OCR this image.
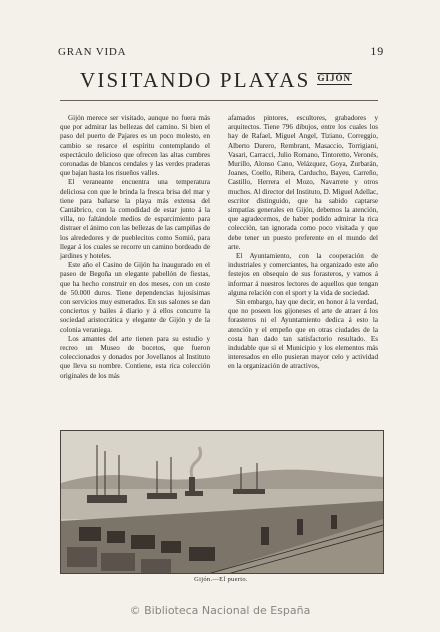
GRAN VIDA	19
VISITANDO PLAYAS GIJÓN

Gijón merece ser visitado, aunque no fuera más que por admirar las bellezas del camino. Si bien el paso del puerto de Pajares es un poco molesto, en cambio se resarce el espíritu contemplando el espectáculo delicioso que ofrecen las altas cumbres coronadas de blancos cendales y las verdes praderas que bajan hasta los risueños valles.

El veraneante encuentra una temperatura deliciosa con que le brinda la fresca brisa del mar y tiene para bañarse la playa más extensa del Cantábrico, con la comodidad de estar junto á la villa, no faltándole medios de esparcimiento para distraer el ánimo con las bellezas de las campiñas de los alrededores y de pueblecitos como Somió, para llegar á los cuales se recorre un camino bordeado de jardines y hoteles.

Este año el Casino de Gijón ha inaugurado en el paseo de Begoña un elegante pabellón de fiestas, que ha hecho construir en dos meses, con un coste de 50.000 duros. Tiene dependencias lujosísimas con servicios muy esmerados. En sus salones se dan conciertos y bailes á diario y á ellos concurre la sociedad aristocrática y elegante de Gijón y de la colonia veraniega.

Los amantes del arte tienen para su estudio y recreo un Museo de bocetos, que fueron coleccionados y donados por Jovellanos al Instituto que lleva su nombre. Contiene, esta rica colección originales de los más

afamados pintores, escultores, grabadores y arquitectos. Tiene 796 dibujos, entre los cuales los hay de Rafael, Miguel Angel, Tiziano, Correggio, Alberto Durero, Rembrant, Masaccio, Torrigiani, Vasari, Carracci, Julio Romano, Tintoretto, Veronés, Murillo, Alonso Cano, Velázquez, Goya, Zurbarán, Joanes, Coello, Ribera, Carducho, Bayeu, Carreño, Castillo, Herrera el Mozo, Navarrete y otros muchos. Al director del Instituto, D. Miguel Adellac, escritor distinguido, que ha sabido captarse simpatías generales en Gijón, debemos la atención, que agradecemos, de haber podido admirar la rica colección, tan ignorada como poco visitada y que debe tener un puesto preferente en el mundo del arte.

El Ayuntamiento, con la cooperación de industriales y comerciantes, ha organizado este año festejos en obsequio de sus forasteros, y vamos á informar á nuestros lectores de aquellos que tengan alguna relación con el sport y la vida de sociedad.

Sin embargo, hay que decir, en honor á la verdad, que no poseen los gijoneses el arte de atraer á los forasteros ni el Ayuntamiento dedica á esto la atención y el empeño que en otras ciudades de la costa han dado tan satisfactorio resultado. Es indudable que si el Municipio y los elementos más interesados en ello pusieran mayor celo y actividad en la organización de atractivos,

Gijón.—El puerto.
© Biblioteca Nacional de España
